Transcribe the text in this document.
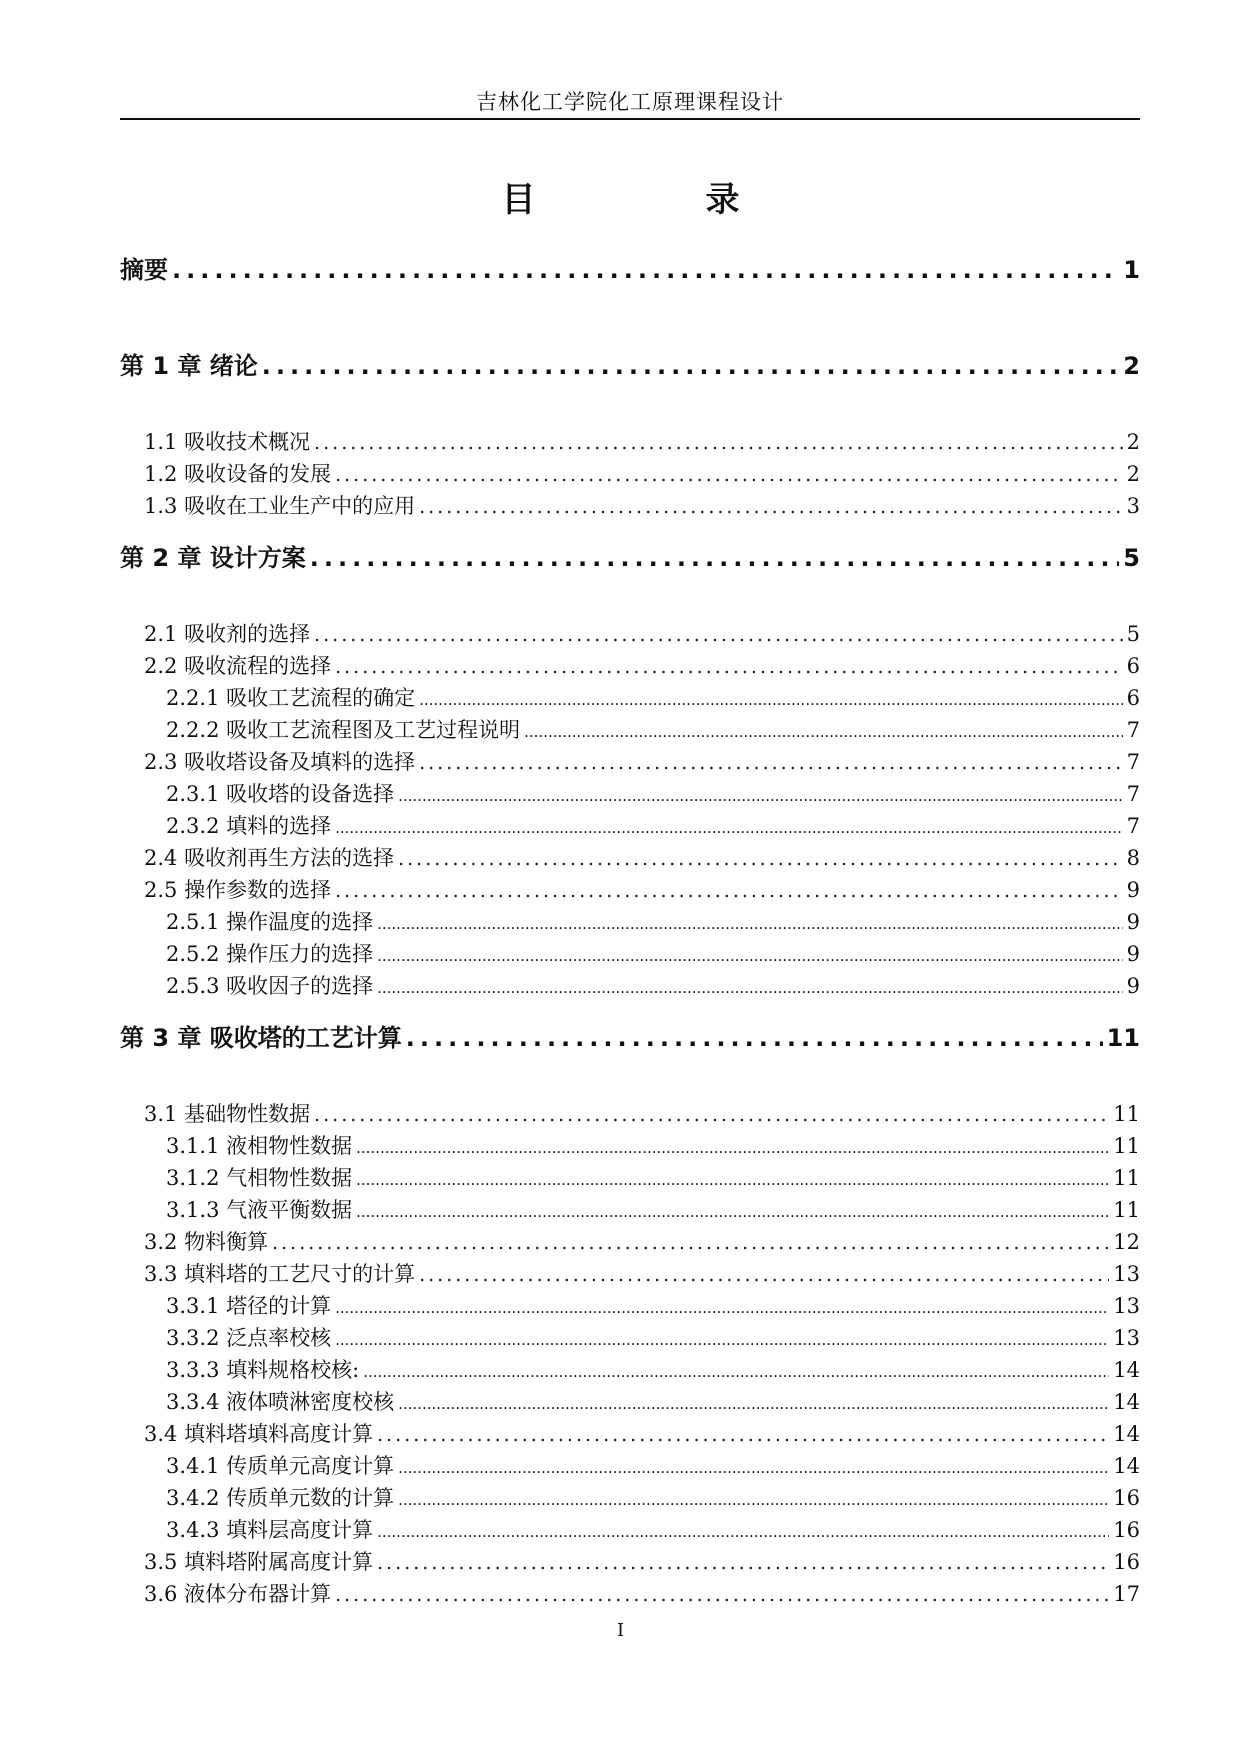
吉林化工学院化工原理课程设计
目	录
摘要 .....	1
第 1 章 绪论 .....	2
1.1 吸收技术概况 .....	2
1.2 吸收设备的发展 .....	2
1.3 吸收在工业生产中的应用 .....	3
第 2 章 设计方案 .....	5
2.1 吸收剂的选择 .....	5
2.2 吸收流程的选择 .....	6
2.2.1 吸收工艺流程的确定 .....	6
2.2.2 吸收工艺流程图及工艺过程说明 .....	7
2.3 吸收塔设备及填料的选择 .....	7
2.3.1 吸收塔的设备选择 .....	7
2.3.2 填料的选择 .....	7
2.4 吸收剂再生方法的选择 .....	8
2.5 操作参数的选择 .....	9
2.5.1 操作温度的选择 .....	9
2.5.2 操作压力的选择 .....	9
2.5.3 吸收因子的选择 .....	9
第 3 章 吸收塔的工艺计算 .....	11
3.1 基础物性数据 .....	11
3.1.1 液相物性数据 .....	11
3.1.2 气相物性数据 .....	11
3.1.3 气液平衡数据 .....	11
3.2 物料衡算 .....	12
3.3 填料塔的工艺尺寸的计算 .....	13
3.3.1 塔径的计算 .....	13
3.3.2 泛点率校核 .....	13
3.3.3 填料规格校核: .....	14
3.3.4 液体喷淋密度校核 .....	14
3.4 填料塔填料高度计算 .....	14
3.4.1 传质单元高度计算 .....	14
3.4.2 传质单元数的计算 .....	16
3.4.3 填料层高度计算 .....	16
3.5 填料塔附属高度计算 .....	16
3.6 液体分布器计算 .....	17
I
